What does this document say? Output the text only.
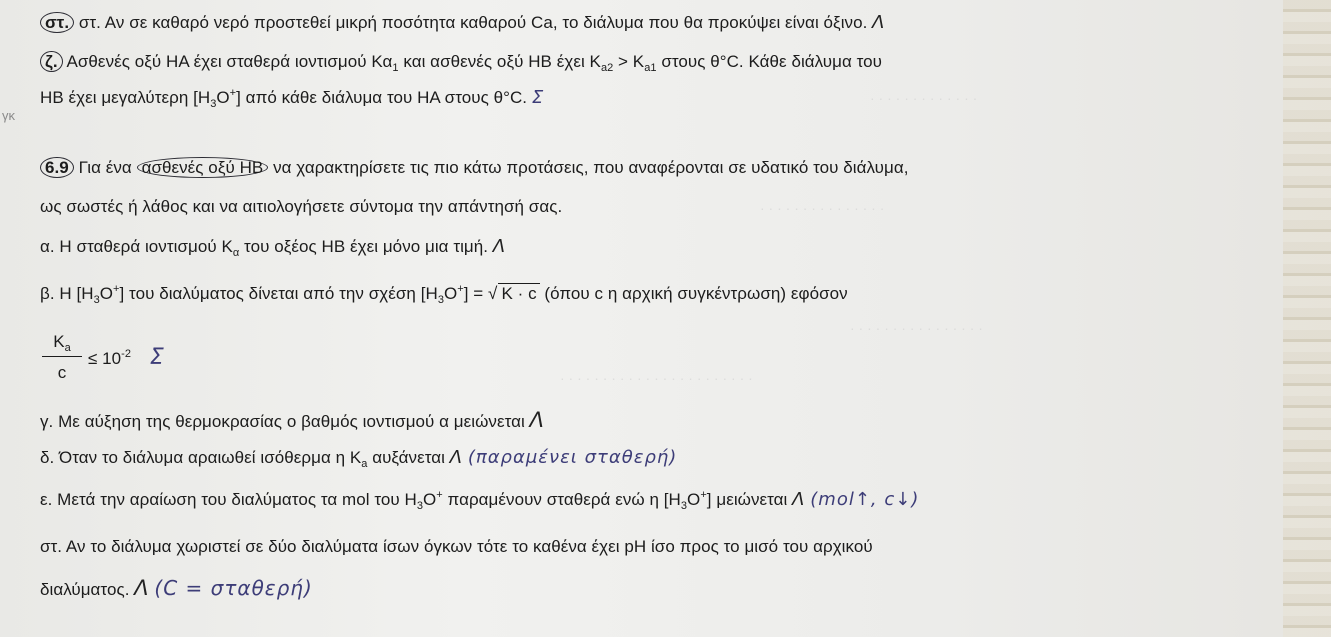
γκ
· · · · · · · · · · · · ·
· · · · · · · · · · · · · · ·
· · · · · · · · · · · · · · · ·
· · · · · · · · · · · · · · · · · · · · · · ·
στ. στ. Αν σε καθαρό νερό προστεθεί μικρή ποσότητα καθαρού Ca, το διάλυμα που θα προκύψει είναι όξινο. Λ
ζ. Ασθενές οξύ ΗΑ έχει σταθερά ιοντισμού $K\alpha_1$ και ασθενές οξύ ΗΒ έχει $K_{a2} > K_{a1}$ στους θ°C. Κάθε διάλυμα του
ΗΒ έχει μεγαλύτερη $[H_3O^+]$ από κάθε διάλυμα του ΗΑ στους θ°C. Σ
6.9 Για ένα ασθενές οξύ ΗΒ να χαρακτηρίσετε τις πιο κάτω προτάσεις, που αναφέρονται σε υδατικό του διάλυμα,
ως σωστές ή λάθος και να αιτιολογήσετε σύντομα την απάντησή σας.
α. Η σταθερά ιοντισμού $K_\alpha$ του οξέος ΗΒ έχει μόνο μια τιμή. Λ
β. Η $[H_3O^+]$ του διαλύματος δίνεται από την σχέση $[H_3O^+]$ = √ K · c (όπου c η αρχική συγκέντρωση) εφόσον
$\frac{K_a}{c} \le 10^{-2}$ Σ
γ. Με αύξηση της θερμοκρασίας ο βαθμός ιοντισμού α μειώνεται Λ
δ. Όταν το διάλυμα αραιωθεί ισόθερμα η $K_a$ αυξάνεται Λ (παραμένει σταθερή)
ε. Μετά την αραίωση του διαλύματος τα mol του $H_3O^+$ παραμένουν σταθερά ενώ η $[H_3O^+]$ μειώνεται Λ (mol↑, c↓)
στ. Αν το διάλυμα χωριστεί σε δύο διαλύματα ίσων όγκων τότε το καθένα έχει pH ίσο προς το μισό του αρχικού
διαλύματος. Λ (C = σταθερή)
